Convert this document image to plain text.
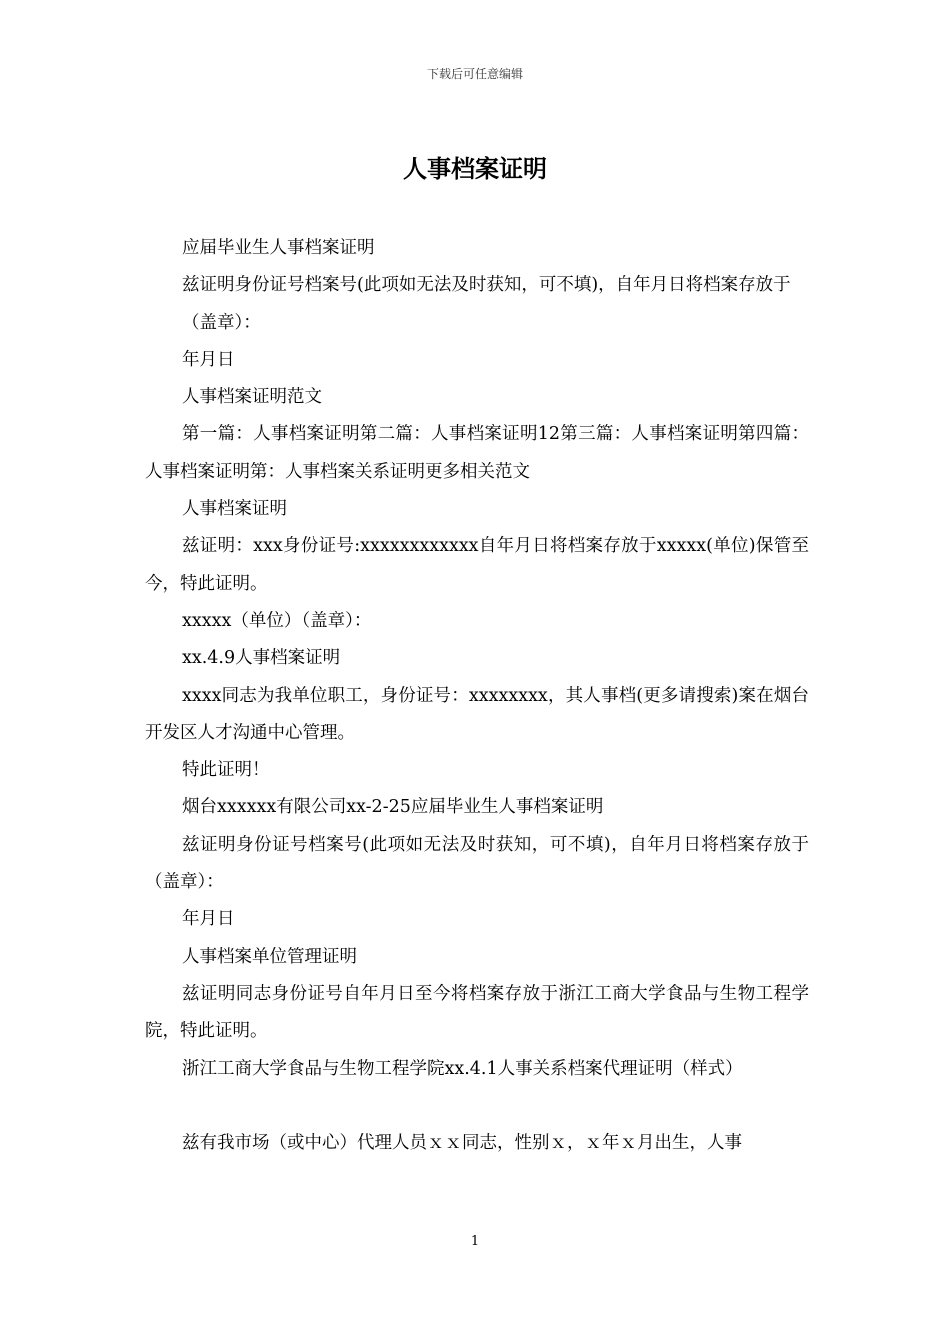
下载后可任意编辑
人事档案证明

应届毕业生人事档案证明

兹证明身份证号档案号(此项如无法及时获知，可不填)，自年月日将档案存放于

（盖章）：

年月日

人事档案证明范文

第一篇：人事档案证明第二篇：人事档案证明12第三篇：人事档案证明第四篇：人事档案证明第：人事档案关系证明更多相关范文

人事档案证明

兹证明：xxx身份证号:xxxxxxxxxxxx自年月日将档案存放于xxxxx(单位)保管至今，特此证明。

xxxxx（单位）（盖章）：

xx.4.9人事档案证明

xxxx同志为我单位职工，身份证号：xxxxxxxx，其人事档(更多请搜索)案在烟台开发区人才沟通中心管理。

特此证明！

烟台xxxxxx有限公司xx-2-25应届毕业生人事档案证明

兹证明身份证号档案号(此项如无法及时获知，可不填)，自年月日将档案存放于（盖章）：

年月日

人事档案单位管理证明

兹证明同志身份证号自年月日至今将档案存放于浙江工商大学食品与生物工程学院，特此证明。

浙江工商大学食品与生物工程学院xx.4.1人事关系档案代理证明（样式）

兹有我市场（或中心）代理人员ｘｘ同志，性别ｘ，ｘ年ｘ月出生，人事

1
